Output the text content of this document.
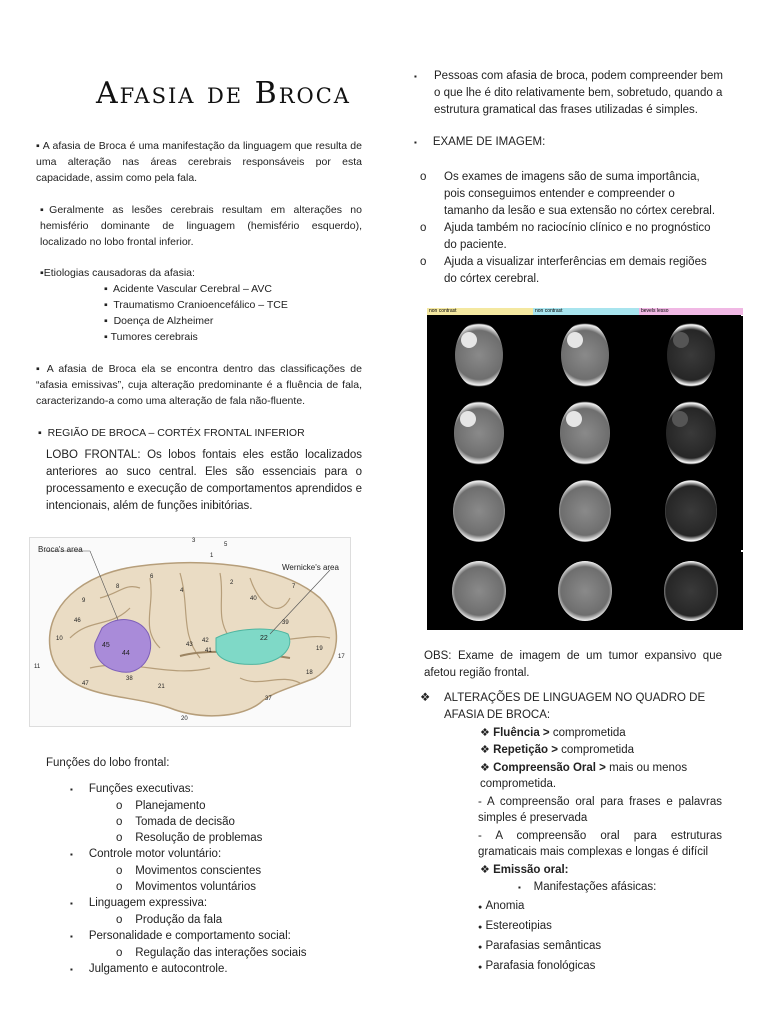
Afasia de Broca
▪ A afasia de Broca é uma manifestação da linguagem que resulta de uma alteração nas áreas cerebrais responsáveis por esta capacidade, assim como pela fala.
▪Geralmente as lesões cerebrais resultam em alterações no hemisfério dominante de linguagem (hemisfério esquerdo), localizado no lobo frontal inferior.
▪Etiologias causadoras da afasia:
▪ Acidente Vascular Cerebral – AVC
▪ Traumatismo Cranioencefálico – TCE
▪ Doença de Alzheimer
▪ Tumores cerebrais
▪ A afasia de Broca ela se encontra dentro das classificações de “afasia emissivas”, cuja alteração predominante é a fluência de fala, caracterizando-a como uma alteração de fala não-fluente.
▪ REGIÃO DE BROCA – CORTÉX FRONTAL INFERIOR
LOBO FRONTAL: Os lobos fontais eles estão localizados anteriores ao suco central. Eles são essenciais para o processamento e execução de comportamentos aprendidos e intencionais, além de funções inibitórias.
Broca's area
Wernicke's area
3
5
1
6
9
8
10
11
44
45
47
46
43
41
42	22
21
20
38
39
40
19
17
18
37
7
2
4
Funções do lobo frontal:
▪ Funções executivas:
o Planejamento
o Tomada de decisão
o Resolução de problemas
▪ Controle motor voluntário:
o Movimentos conscientes
o Movimentos voluntários
▪ Linguagem expressiva:
o Produção da fala
▪ Personalidade e comportamento social:
o Regulação das interações sociais
▪ Julgamento e autocontrole.
▪	Pessoas com afasia de broca, podem compreender bem o que lhe é dito relativamente bem, sobretudo, quando a estrutura gramatical das frases utilizadas é simples.
▪ EXAME DE IMAGEM:
o Os exames de imagens são de suma importância, pois conseguimos entender e compreender o tamanho da lesão e sua extensão no córtex cerebral.
o Ajuda também no raciocínio clínico e no prognóstico do paciente.
o Ajuda a visualizar interferências em demais regiões do córtex cerebral.
non contrast	non contrast	bevels lesso
OBS: Exame de imagem de um tumor expansivo que afetou região frontal.
❖	ALTERAÇÕES DE LINGUAGEM NO QUADRO DE AFASIA DE BROCA:
❖ Fluência > comprometida
❖ Repetição > comprometida
❖ Compreensão Oral > mais ou menos comprometida.
- A compreensão oral para frases e palavras simples é preservada
- A compreensão oral para estruturas gramaticais mais complexas e longas é difícil
❖ Emissão oral:
▪ Manifestações afásicas:
● Anomia
● Estereotipias
● Parafasias semânticas
● Parafasia fonológicas
